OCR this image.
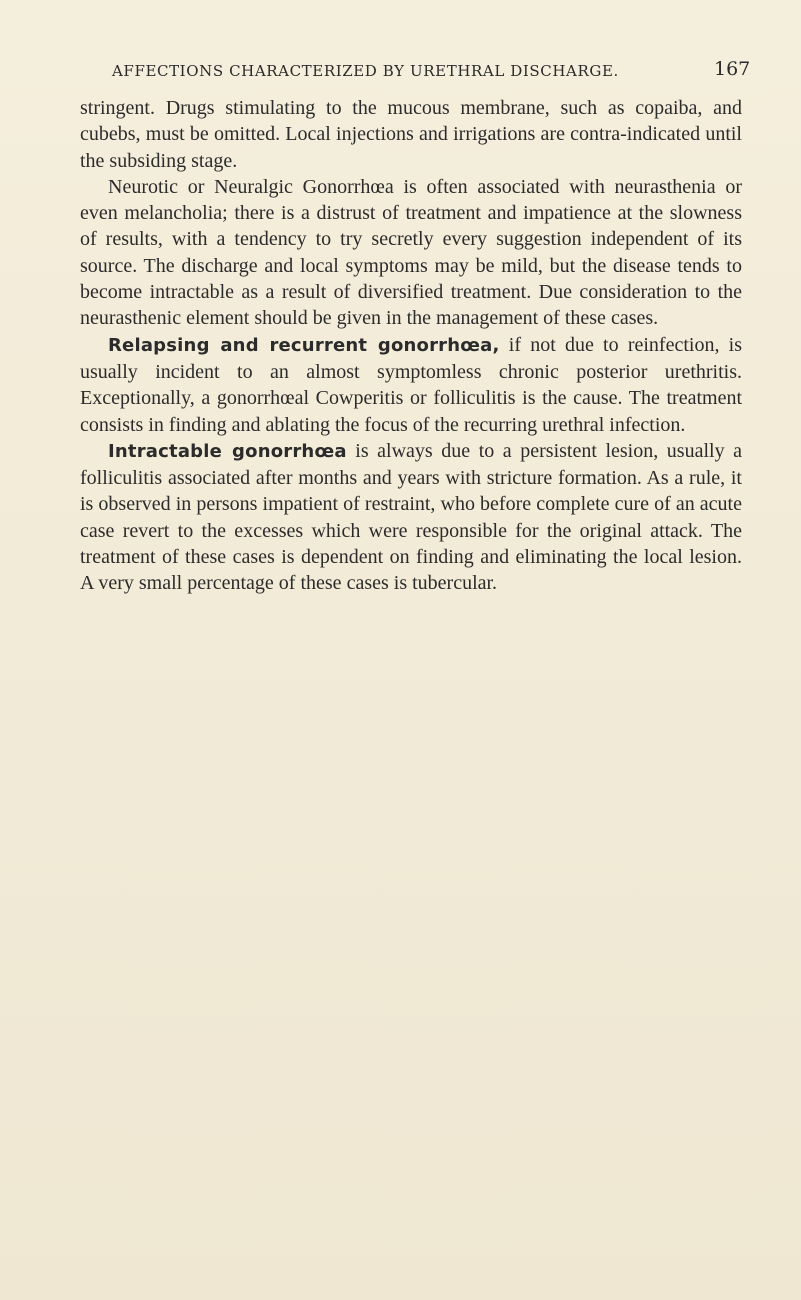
AFFECTIONS CHARACTERIZED BY URETHRAL DISCHARGE.	167

stringent. Drugs stimulating to the mucous membrane, such as copaiba, and cubebs, must be omitted. Local injections and irrigations are contra-indicated until the subsiding stage.

Neurotic or Neuralgic Gonorrhœa is often associated with neurasthenia or even melancholia; there is a distrust of treatment and impatience at the slowness of results, with a tendency to try secretly every suggestion independent of its source. The discharge and local symptoms may be mild, but the disease tends to become intractable as a result of diversified treatment. Due consideration to the neurasthenic element should be given in the management of these cases.

Relapsing and recurrent gonorrhœa, if not due to reinfection, is usually incident to an almost symptomless chronic posterior urethritis. Exceptionally, a gonorrhœal Cowperitis or folliculitis is the cause. The treatment consists in finding and ablating the focus of the recurring urethral infection.

Intractable gonorrhœa is always due to a persistent lesion, usually a folliculitis associated after months and years with stricture formation. As a rule, it is observed in persons impatient of restraint, who before complete cure of an acute case revert to the excesses which were responsible for the original attack. The treatment of these cases is dependent on finding and eliminating the local lesion. A very small percentage of these cases is tubercular.
